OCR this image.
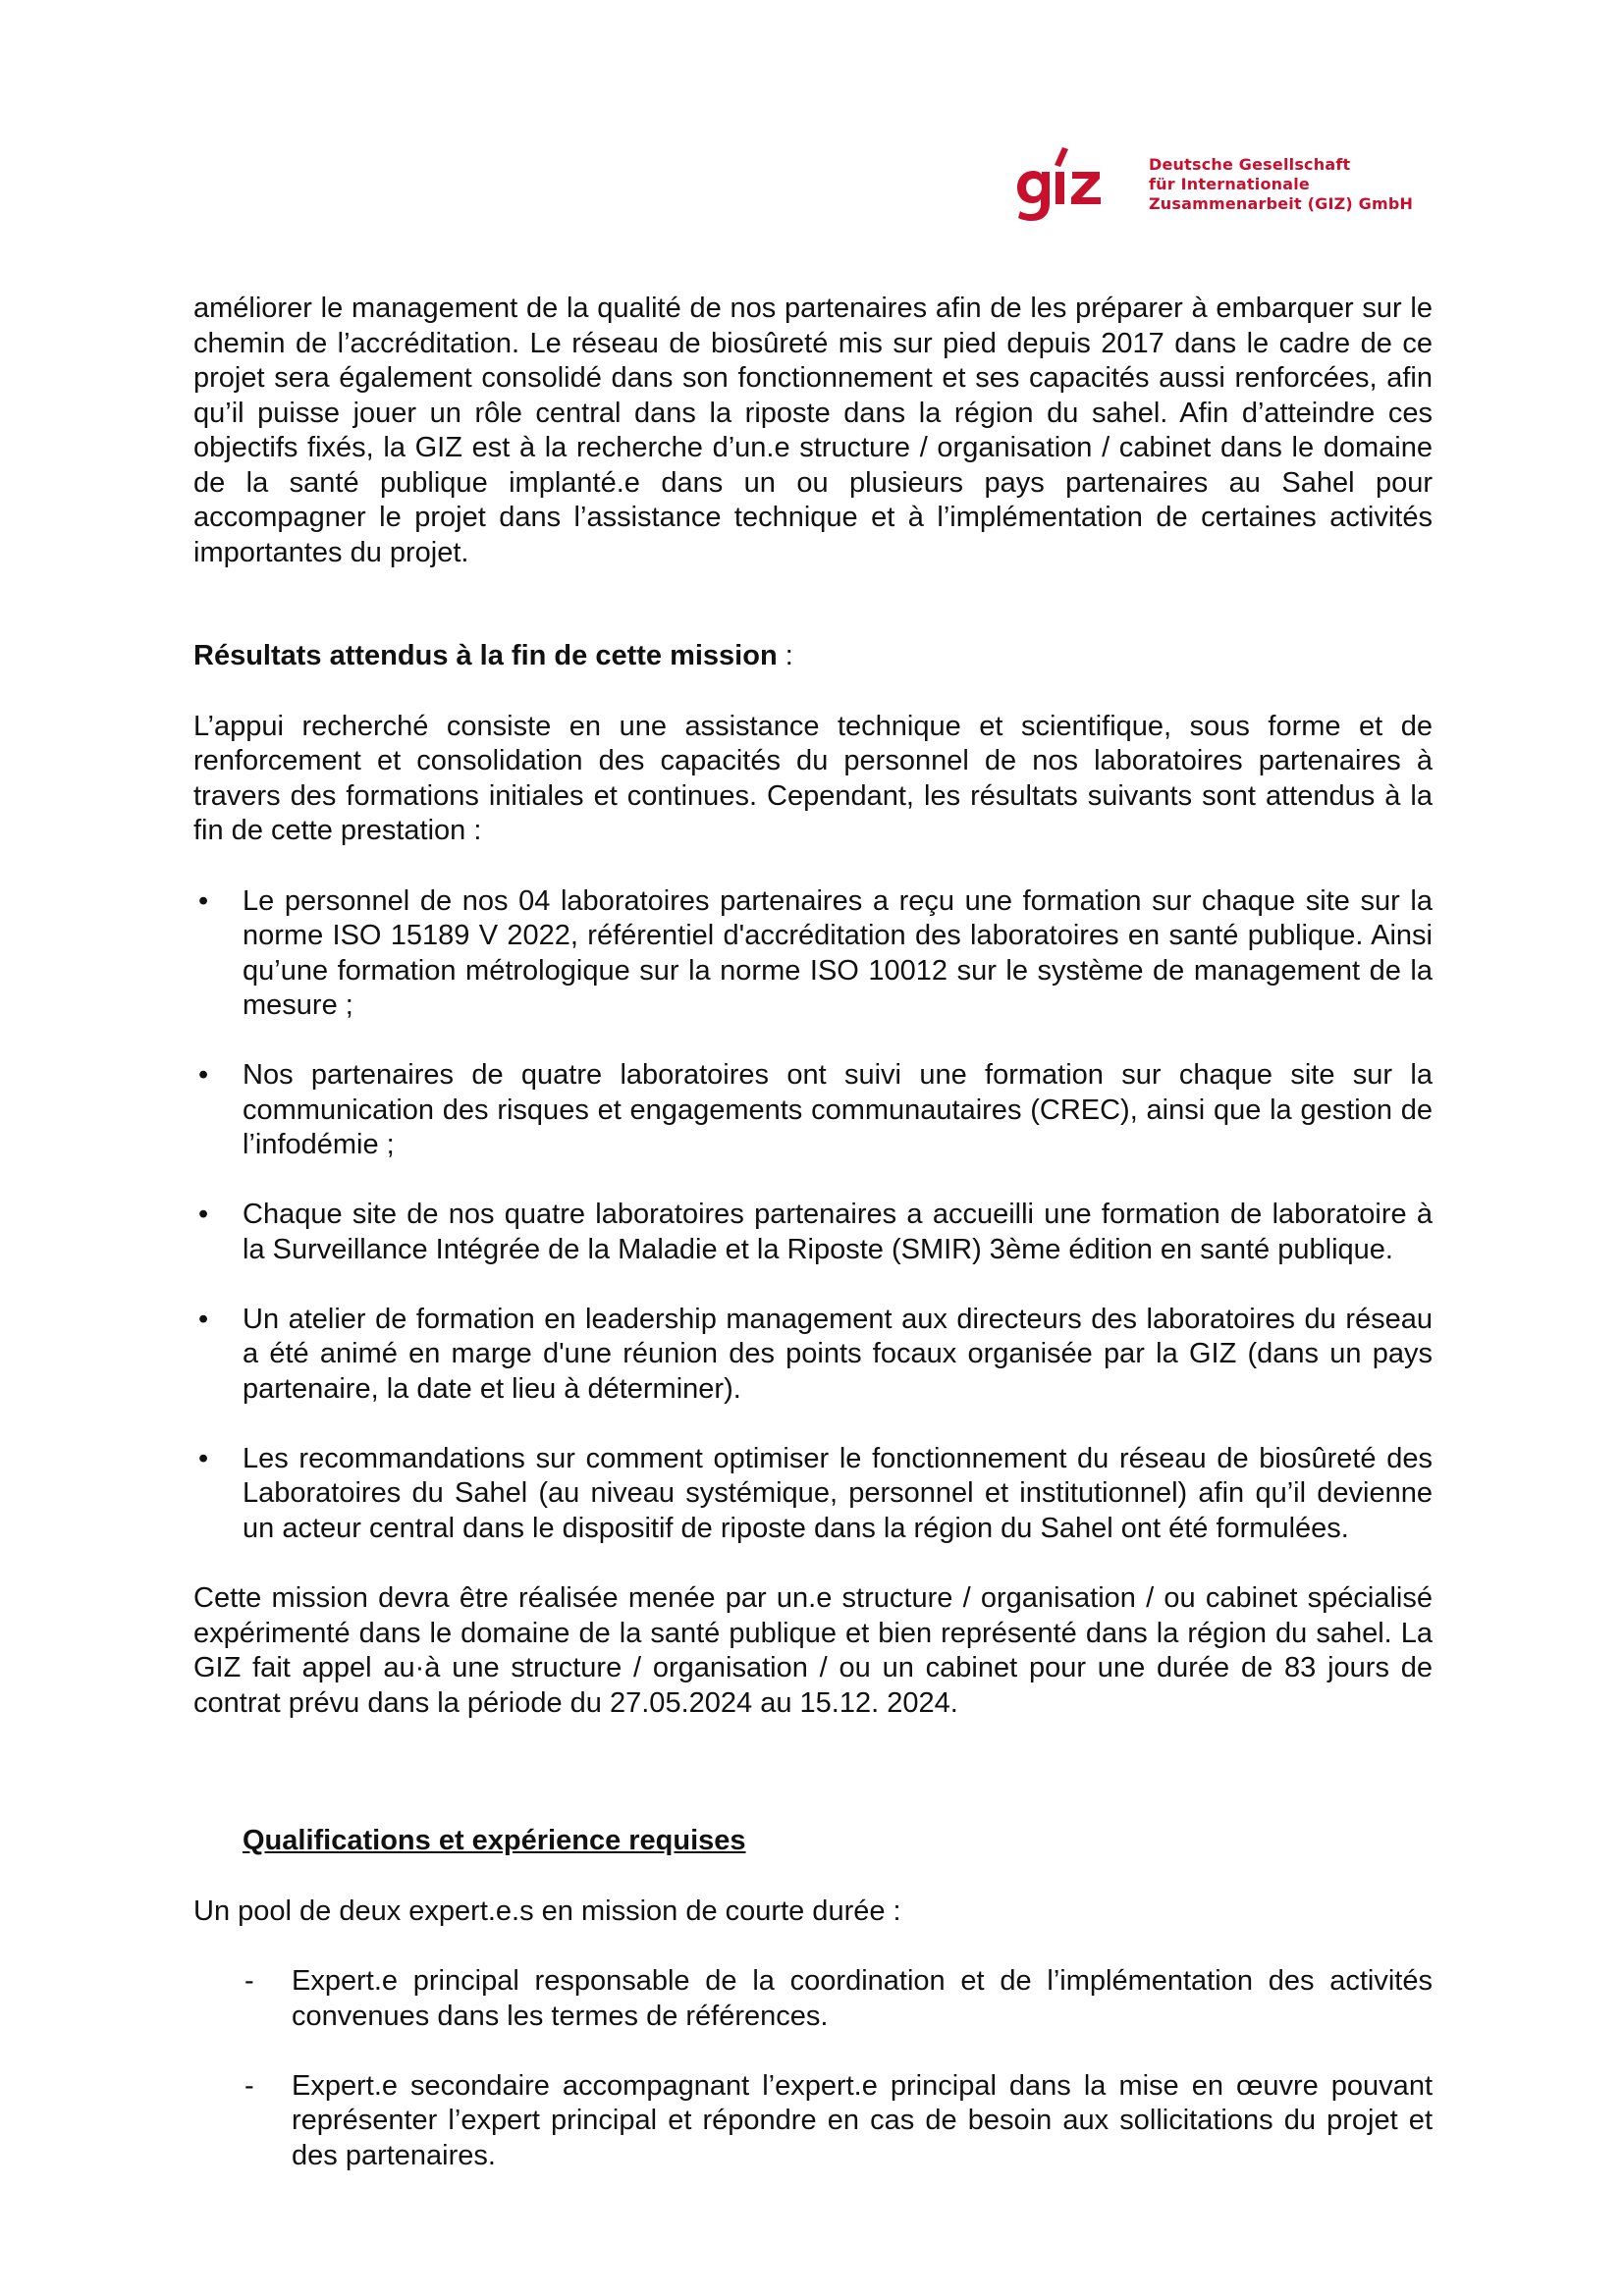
Deutsche Gesellschaft
für Internationale
Zusammenarbeit (GIZ) GmbH

améliorer le management de la qualité de nos partenaires afin de les préparer à embarquer sur le chemin de l’accréditation. Le réseau de biosûreté mis sur pied depuis 2017 dans le cadre de ce projet sera également consolidé dans son fonctionnement et ses capacités aussi renforcées, afin qu’il puisse jouer un rôle central dans la riposte dans la région du sahel. Afin d’atteindre ces objectifs fixés, la GIZ est à la recherche d’un.e structure / organisation / cabinet dans le domaine de la santé publique implanté.e dans un ou plusieurs pays partenaires au Sahel pour accompagner le projet dans l’assistance technique et à l’implémentation de certaines activités importantes du projet.

Résultats attendus à la fin de cette mission :

L’appui recherché consiste en une assistance technique et scientifique, sous forme et de renforcement et consolidation des capacités du personnel de nos laboratoires partenaires à travers des formations initiales et continues. Cependant, les résultats suivants sont attendus à la fin de cette prestation :

• Le personnel de nos 04 laboratoires partenaires a reçu une formation sur chaque site sur la norme ISO 15189 V 2022, référentiel d'accréditation des laboratoires en santé publique. Ainsi qu’une formation métrologique sur la norme ISO 10012 sur le système de management de la mesure ;
• Nos partenaires de quatre laboratoires ont suivi une formation sur chaque site sur la communication des risques et engagements communautaires (CREC), ainsi que la gestion de l’infodémie ;
• Chaque site de nos quatre laboratoires partenaires a accueilli une formation de laboratoire à la Surveillance Intégrée de la Maladie et la Riposte (SMIR) 3ème édition en santé publique.
• Un atelier de formation en leadership management aux directeurs des laboratoires du réseau a été animé en marge d'une réunion des points focaux organisée par la GIZ (dans un pays partenaire, la date et lieu à déterminer).
• Les recommandations sur comment optimiser le fonctionnement du réseau de biosûreté des Laboratoires du Sahel (au niveau systémique, personnel et institutionnel) afin qu’il devienne un acteur central dans le dispositif de riposte dans la région du Sahel ont été formulées.

Cette mission devra être réalisée menée par un.e structure / organisation / ou cabinet spécialisé expérimenté dans le domaine de la santé publique et bien représenté dans la région du sahel. La GIZ fait appel au·à une structure / organisation / ou un cabinet pour une durée de 83 jours de contrat prévu dans la période du 27.05.2024 au 15.12. 2024.

Qualifications et expérience requises

Un pool de deux expert.e.s en mission de courte durée :

- Expert.e principal responsable de la coordination et de l’implémentation des activités convenues dans les termes de références.
- Expert.e secondaire accompagnant l’expert.e principal dans la mise en œuvre pouvant représenter l’expert principal et répondre en cas de besoin aux sollicitations du projet et des partenaires.
